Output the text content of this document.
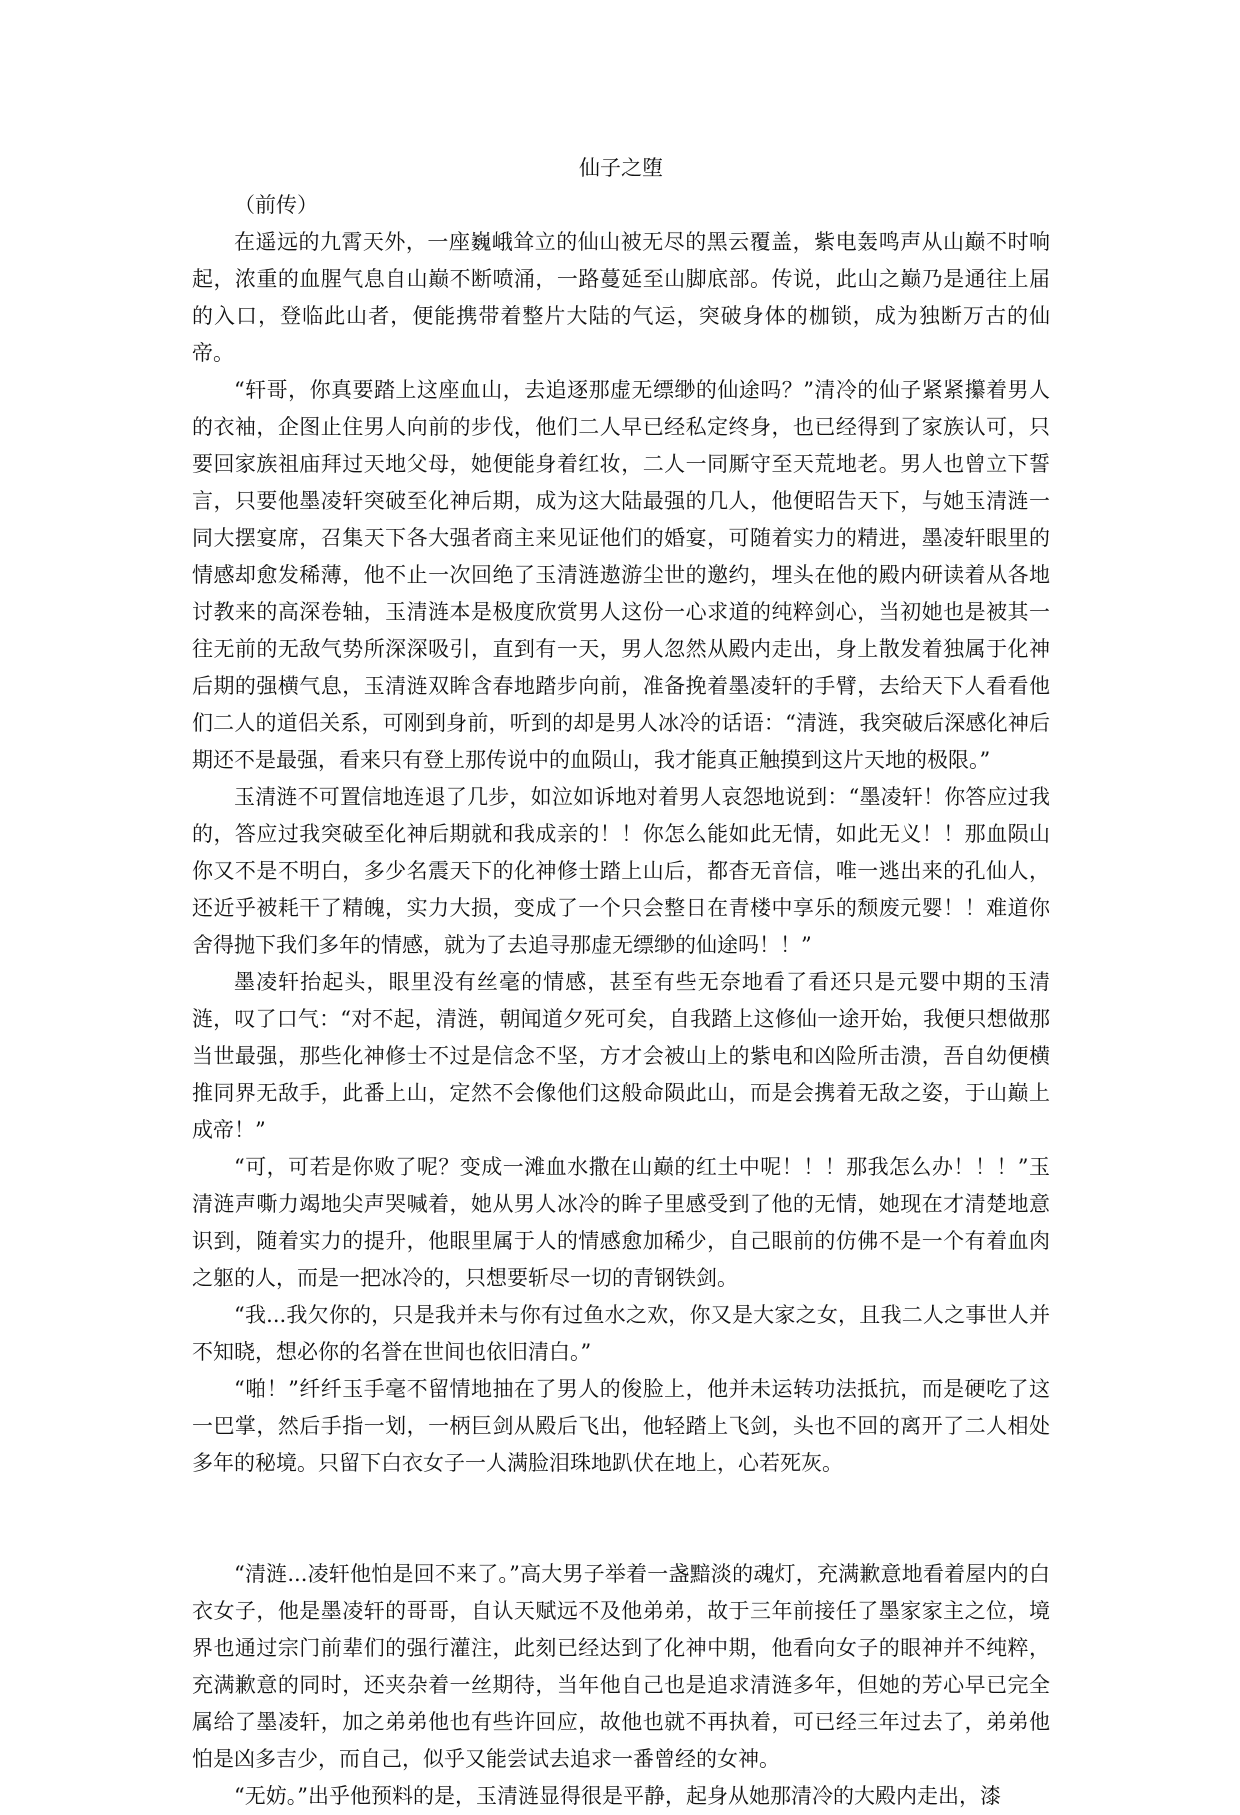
仙子之堕

（前传）

在遥远的九霄天外，一座巍峨耸立的仙山被无尽的黑云覆盖，紫电轰鸣声从山巅不时响起，浓重的血腥气息自山巅不断喷涌，一路蔓延至山脚底部。传说，此山之巅乃是通往上届的入口，登临此山者，便能携带着整片大陆的气运，突破身体的枷锁，成为独断万古的仙帝。

“轩哥，你真要踏上这座血山，去追逐那虚无缥缈的仙途吗？”清冷的仙子紧紧攥着男人的衣袖，企图止住男人向前的步伐，他们二人早已经私定终身，也已经得到了家族认可，只要回家族祖庙拜过天地父母，她便能身着红妆，二人一同厮守至天荒地老。男人也曾立下誓言，只要他墨凌轩突破至化神后期，成为这大陆最强的几人，他便昭告天下，与她玉清涟一同大摆宴席，召集天下各大强者商主来见证他们的婚宴，可随着实力的精进，墨凌轩眼里的情感却愈发稀薄，他不止一次回绝了玉清涟遨游尘世的邀约，埋头在他的殿内研读着从各地讨教来的高深卷轴，玉清涟本是极度欣赏男人这份一心求道的纯粹剑心，当初她也是被其一往无前的无敌气势所深深吸引，直到有一天，男人忽然从殿内走出，身上散发着独属于化神后期的强横气息，玉清涟双眸含春地踏步向前，准备挽着墨凌轩的手臂，去给天下人看看他们二人的道侣关系，可刚到身前，听到的却是男人冰冷的话语：“清涟，我突破后深感化神后期还不是最强，看来只有登上那传说中的血陨山，我才能真正触摸到这片天地的极限。”

玉清涟不可置信地连退了几步，如泣如诉地对着男人哀怨地说到：“墨凌轩！你答应过我的，答应过我突破至化神后期就和我成亲的！！你怎么能如此无情，如此无义！！那血陨山你又不是不明白，多少名震天下的化神修士踏上山后，都杳无音信，唯一逃出来的孔仙人，还近乎被耗干了精魄，实力大损，变成了一个只会整日在青楼中享乐的颓废元婴！！难道你舍得抛下我们多年的情感，就为了去追寻那虚无缥缈的仙途吗！！”

墨凌轩抬起头，眼里没有丝毫的情感，甚至有些无奈地看了看还只是元婴中期的玉清涟，叹了口气：“对不起，清涟，朝闻道夕死可矣，自我踏上这修仙一途开始，我便只想做那当世最强，那些化神修士不过是信念不坚，方才会被山上的紫电和凶险所击溃，吾自幼便横推同界无敌手，此番上山，定然不会像他们这般命陨此山，而是会携着无敌之姿，于山巅上成帝！”

“可，可若是你败了呢？变成一滩血水撒在山巅的红土中呢！！！那我怎么办！！！”玉清涟声嘶力竭地尖声哭喊着，她从男人冰冷的眸子里感受到了他的无情，她现在才清楚地意识到，随着实力的提升，他眼里属于人的情感愈加稀少，自己眼前的仿佛不是一个有着血肉之躯的人，而是一把冰冷的，只想要斩尽一切的青钢铁剑。

“我...我欠你的，只是我并未与你有过鱼水之欢，你又是大家之女，且我二人之事世人并不知晓，想必你的名誉在世间也依旧清白。”

“啪！”纤纤玉手毫不留情地抽在了男人的俊脸上，他并未运转功法抵抗，而是硬吃了这一巴掌，然后手指一划，一柄巨剑从殿后飞出，他轻踏上飞剑，头也不回的离开了二人相处多年的秘境。只留下白衣女子一人满脸泪珠地趴伏在地上，心若死灰。

“清涟...凌轩他怕是回不来了。”高大男子举着一盏黯淡的魂灯，充满歉意地看着屋内的白衣女子，他是墨凌轩的哥哥，自认天赋远不及他弟弟，故于三年前接任了墨家家主之位，境界也通过宗门前辈们的强行灌注，此刻已经达到了化神中期，他看向女子的眼神并不纯粹，充满歉意的同时，还夹杂着一丝期待，当年他自己也是追求清涟多年，但她的芳心早已完全属给了墨凌轩，加之弟弟他也有些许回应，故他也就不再执着，可已经三年过去了，弟弟他怕是凶多吉少，而自己，似乎又能尝试去追求一番曾经的女神。

“无妨。”出乎他预料的是，玉清涟显得很是平静，起身从她那清冷的大殿内走出，漆
